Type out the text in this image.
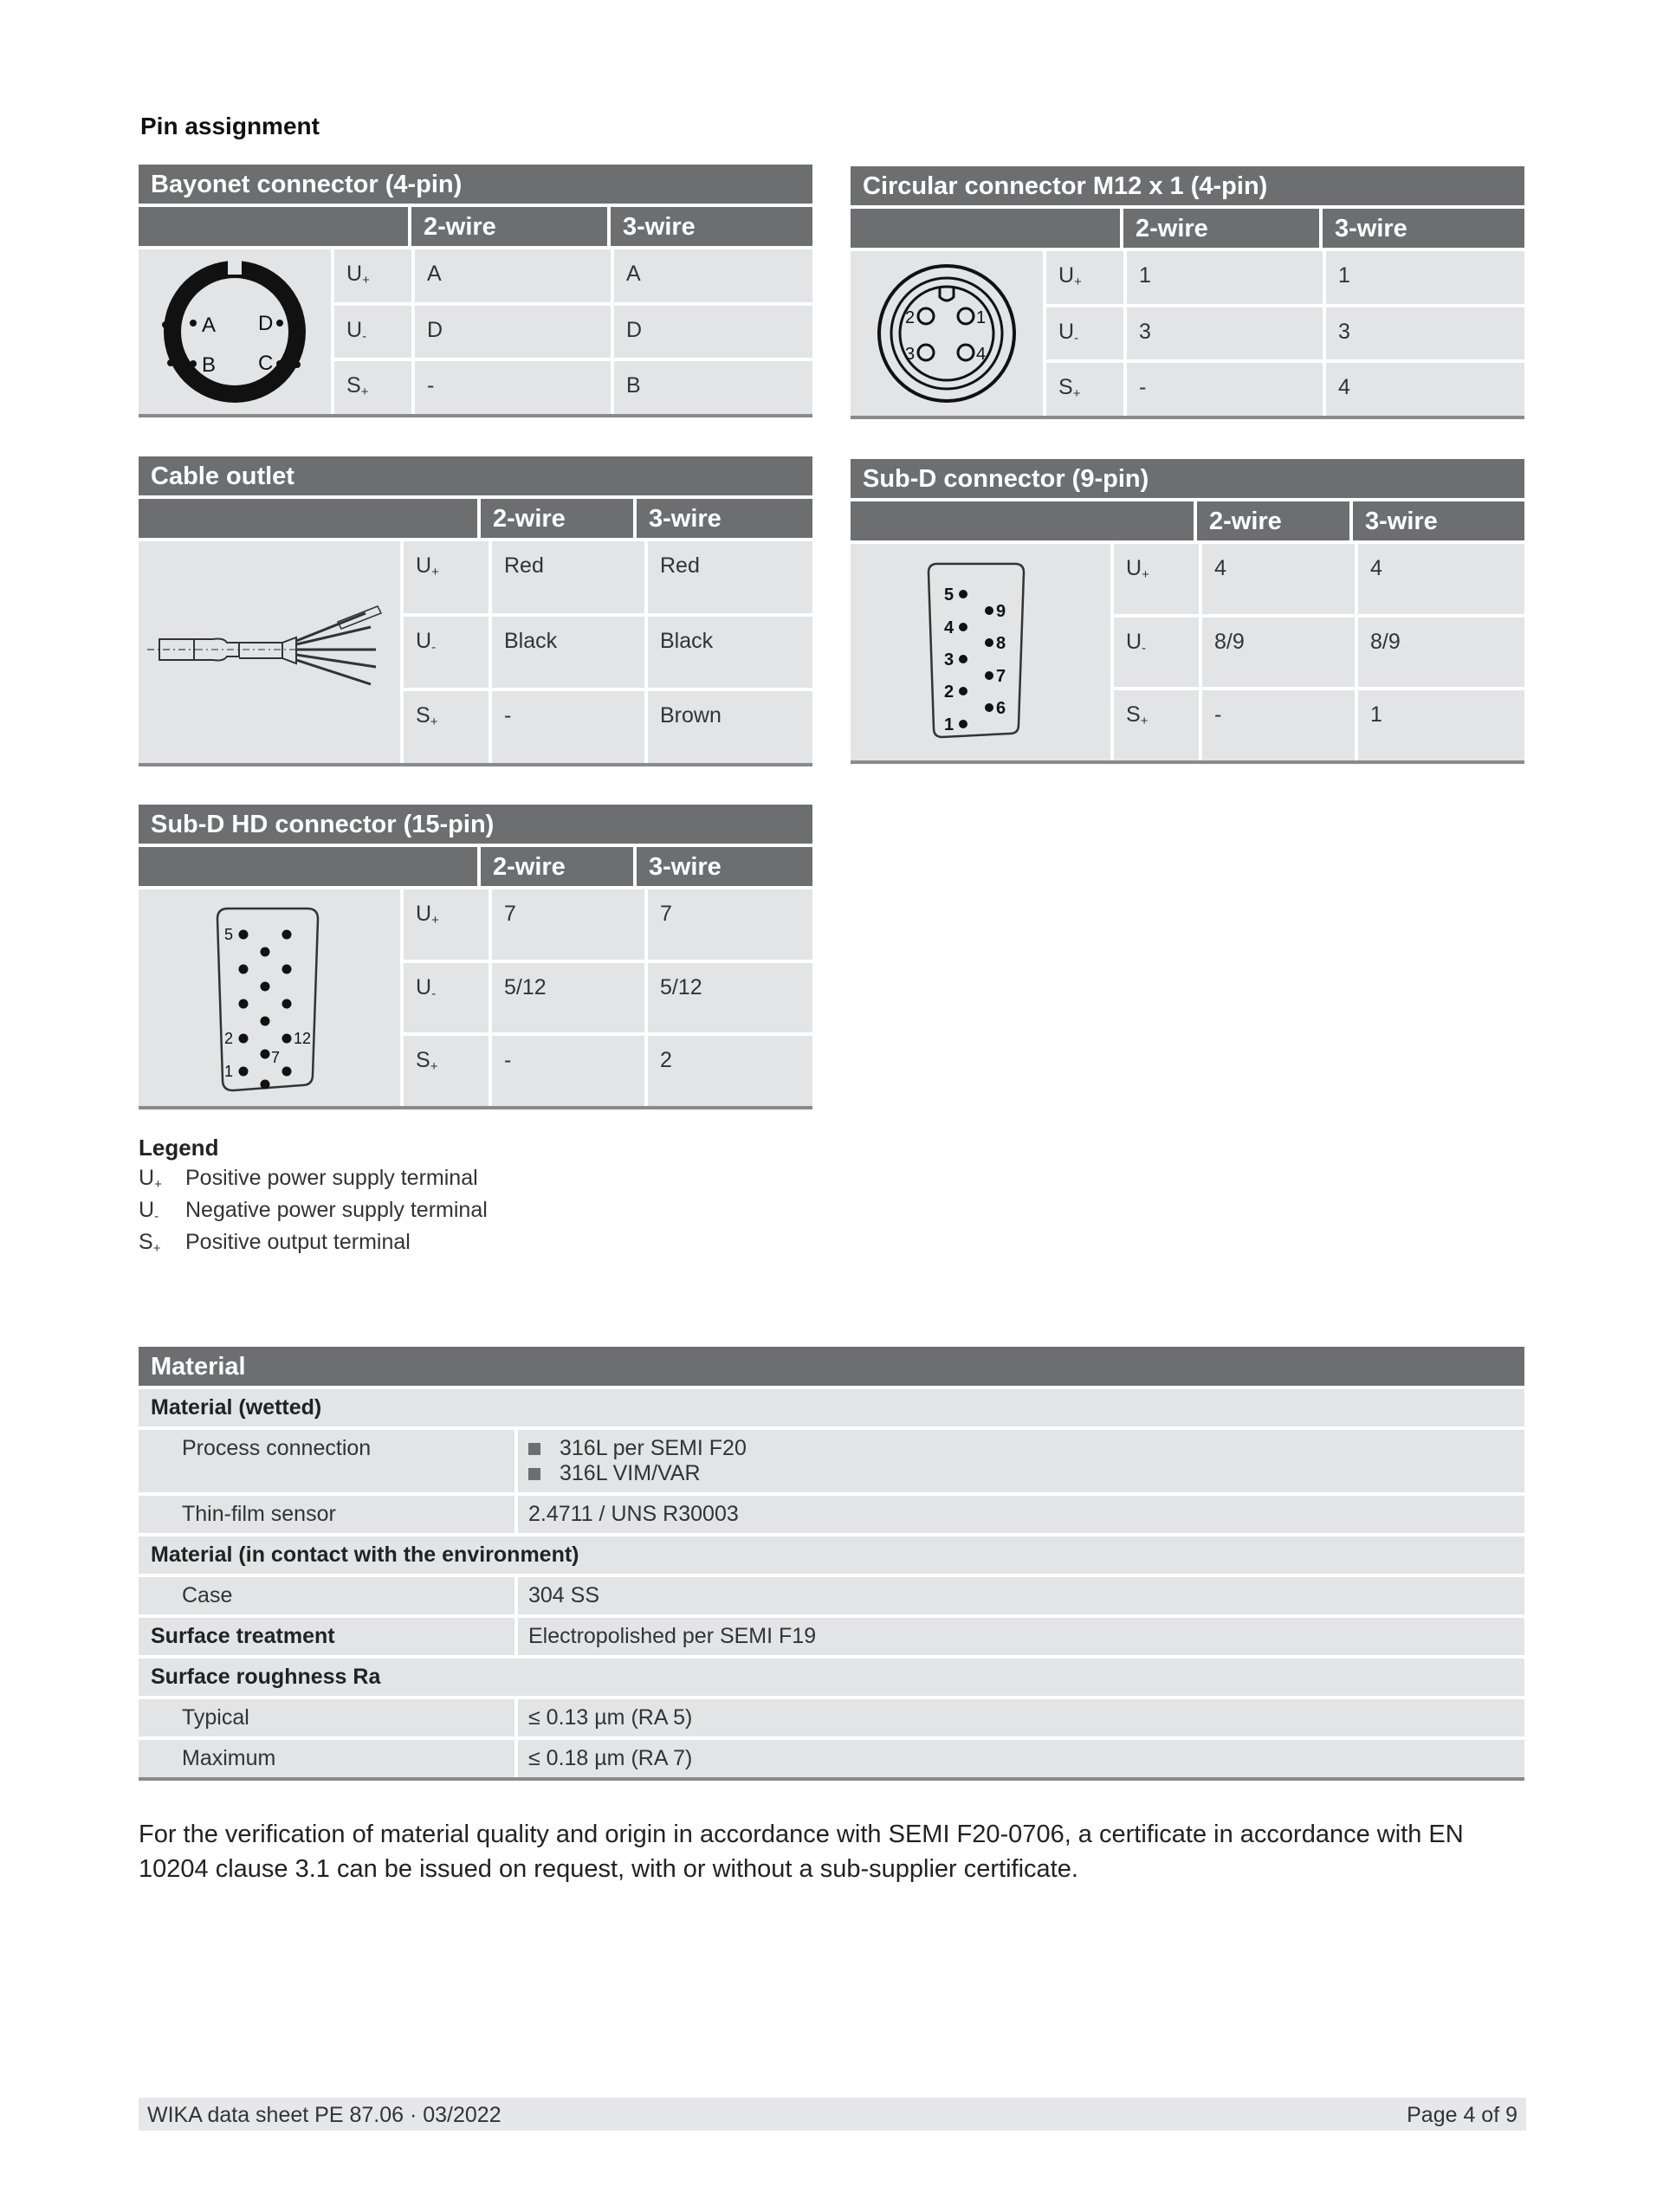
Pin assignment
Bayonet connector (4-pin)
2-wire	3-wire
A D
B C
$U_+$	A	A
$U_-$	D	D
$S_+$	-	B
Circular connector M12 x 1 (4-pin)
2-wire	3-wire
2	1
3	4
$U_+$	1	1
$U_-$	3	3
$S_+$	-	4
Cable outlet
2-wire	3-wire
$U_+$	Red	Red
$U_-$	Black	Black
$S_+$	-	Brown
Sub-D connector (9-pin)
2-wire	3-wire
5
4
3
2
1
9
8
7
6
$U_+$	4	4
$U_-$	8/9	8/9
$S_+$	-	1
Sub-D HD connector (15-pin)
2-wire	3-wire
5
2	12
7
1
$U_+$	7	7
$U_-$	5/12	5/12
$S_+$	-	2
Legend
$U_+$	Positive power supply terminal
$U_-$	Negative power supply terminal
$S_+$	Positive output terminal
Material
Material (wetted)
Process connection	316L per SEMI F20
316L VIM/VAR
Thin-film sensor	2.4711 / UNS R30003
Material (in contact with the environment)
Case	304 SS
Surface treatment	Electropolished per SEMI F19
Surface roughness Ra
Typical	≤ 0.13 µm (RA 5)
Maximum	≤ 0.18 µm (RA 7)
For the verification of material quality and origin in accordance with SEMI F20-0706, a certificate in accordance with EN 10204 clause 3.1 can be issued on request, with or without a sub-supplier certificate.
WIKA data sheet PE 87.06 · 03/2022	Page 4 of 9
